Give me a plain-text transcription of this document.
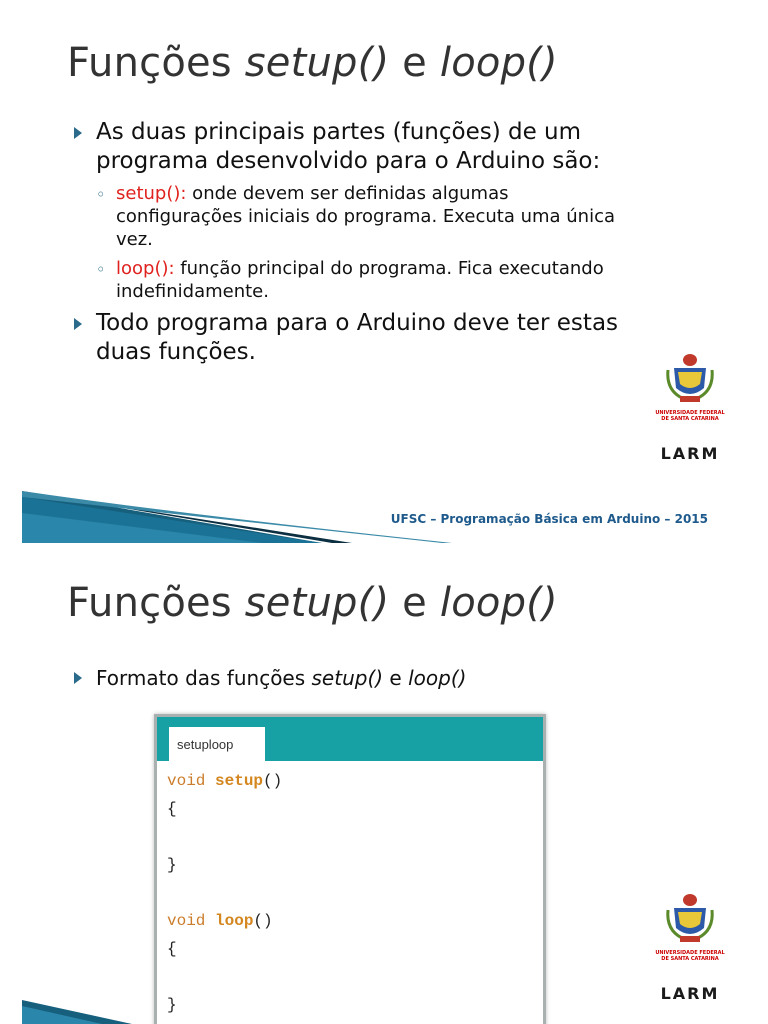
Funções setup() e loop()
As duas principais partes (funções) de um programa desenvolvido para o Arduino são:
◦ setup(): onde devem ser definidas algumas configurações iniciais do programa. Executa uma única vez.
◦ loop(): função principal do programa. Fica executando indefinidamente.
Todo programa para o Arduino deve ter estas duas funções.
UNIVERSIDADE FEDERAL
DE SANTA CATARINA
LARM
UFSC – Programação Básica em Arduino – 2015
Funções setup() e loop()
Formato das funções setup() e loop()
setuploop
void setup()
{
}
void loop()
{
}
UNIVERSIDADE FEDERAL
DE SANTA CATARINA
LARM
